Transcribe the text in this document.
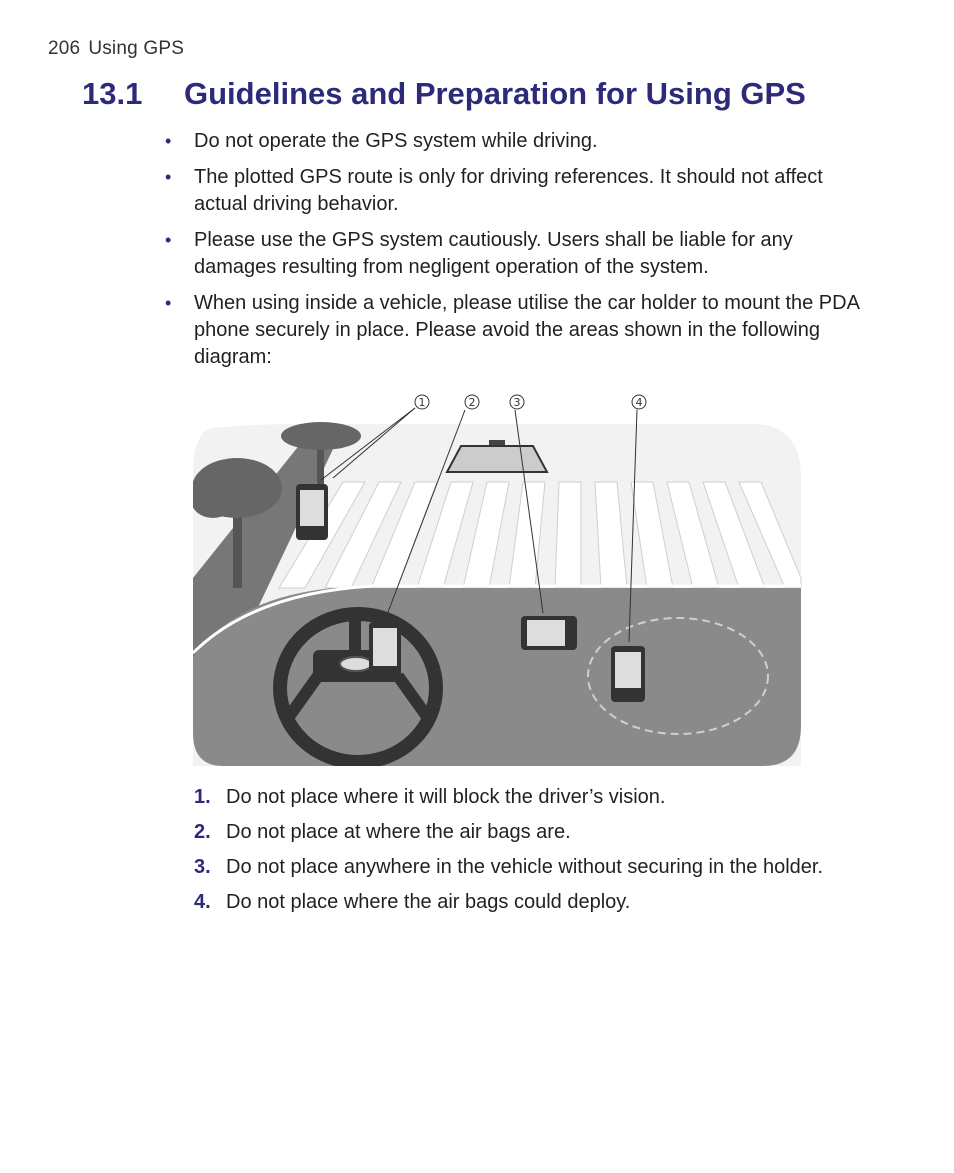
206 Using GPS
13.1 Guidelines and Preparation for Using GPS
• Do not operate the GPS system while driving.
• The plotted GPS route is only for driving references. It should not affect actual driving behavior.
• Please use the GPS system cautiously. Users shall be liable for any damages resulting from negligent operation of the system.
• When using inside a vehicle, please utilise the car holder to mount the PDA phone securely in place. Please avoid the areas shown in the following diagram:
1	2	3	4
1. Do not place where it will block the driver’s vision.
2. Do not place at where the air bags are.
3. Do not place anywhere in the vehicle without securing in the holder.
4. Do not place where the air bags could deploy.
